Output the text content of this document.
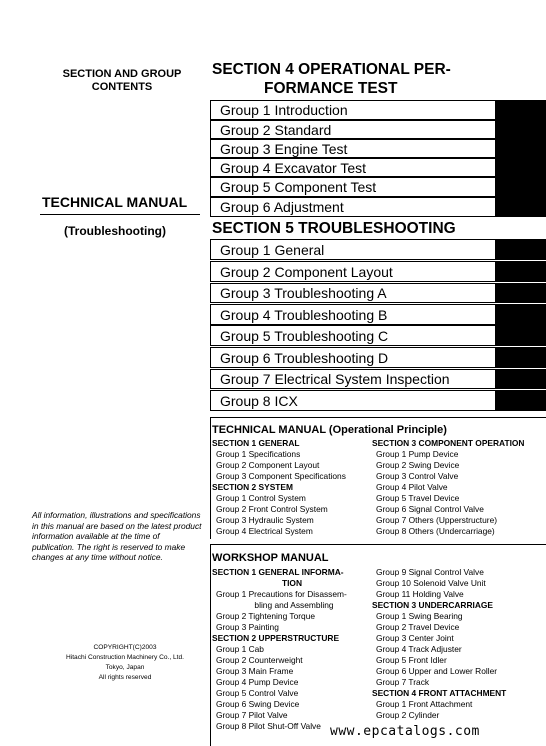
SECTION AND GROUP
CONTENTS
TECHNICAL MANUAL
(Troubleshooting)
All information, illustrations and specifications in this manual are based on the latest product information available at the time of publication. The right is reserved to make changes at any time without notice.
COPYRIGHT(C)2003
Hitachi Construction Machinery Co., Ltd.
Tokyo, Japan
All rights reserved
SECTION 4 OPERATIONAL PER-
FORMANCE TEST
Group 1 Introduction
Group 2 Standard
Group 3 Engine Test
Group 4 Excavator Test
Group 5 Component Test
Group 6 Adjustment
SECTION 5 TROUBLESHOOTING
Group 1 General
Group 2 Component Layout
Group 3 Troubleshooting A
Group 4 Troubleshooting B
Group 5 Troubleshooting C
Group 6 Troubleshooting D
Group 7 Electrical System Inspection
Group 8 ICX
TECHNICAL MANUAL (Operational Principle)
SECTION 1 GENERAL
Group 1 Specifications
Group 2 Component Layout
Group 3 Component Specifications
SECTION 2 SYSTEM
Group 1 Control System
Group 2 Front Control System
Group 3 Hydraulic System
Group 4 Electrical System
SECTION 3 COMPONENT OPERATION
Group 1 Pump Device
Group 2 Swing Device
Group 3 Control Valve
Group 4 Pilot Valve
Group 5 Travel Device
Group 6 Signal Control Valve
Group 7 Others (Upperstructure)
Group 8 Others (Undercarriage)
WORKSHOP MANUAL
SECTION 1 GENERAL INFORMA-
TION
Group 1 Precautions for Disassem-
bling and Assembling
Group 2 Tightening Torque
Group 3 Painting
SECTION 2 UPPERSTRUCTURE
Group 1 Cab
Group 2 Counterweight
Group 3 Main Frame
Group 4 Pump Device
Group 5 Control Valve
Group 6 Swing Device
Group 7 Pilot Valve
Group 8 Pilot Shut-Off Valve
Group 9 Signal Control Valve
Group 10 Solenoid Valve Unit
Group 11 Holding Valve
SECTION 3 UNDERCARRIAGE
Group 1 Swing Bearing
Group 2 Travel Device
Group 3 Center Joint
Group 4 Track Adjuster
Group 5 Front Idler
Group 6 Upper and Lower Roller
Group 7 Track
SECTION 4 FRONT ATTACHMENT
Group 1 Front Attachment
Group 2 Cylinder
www.epcatalogs.com
